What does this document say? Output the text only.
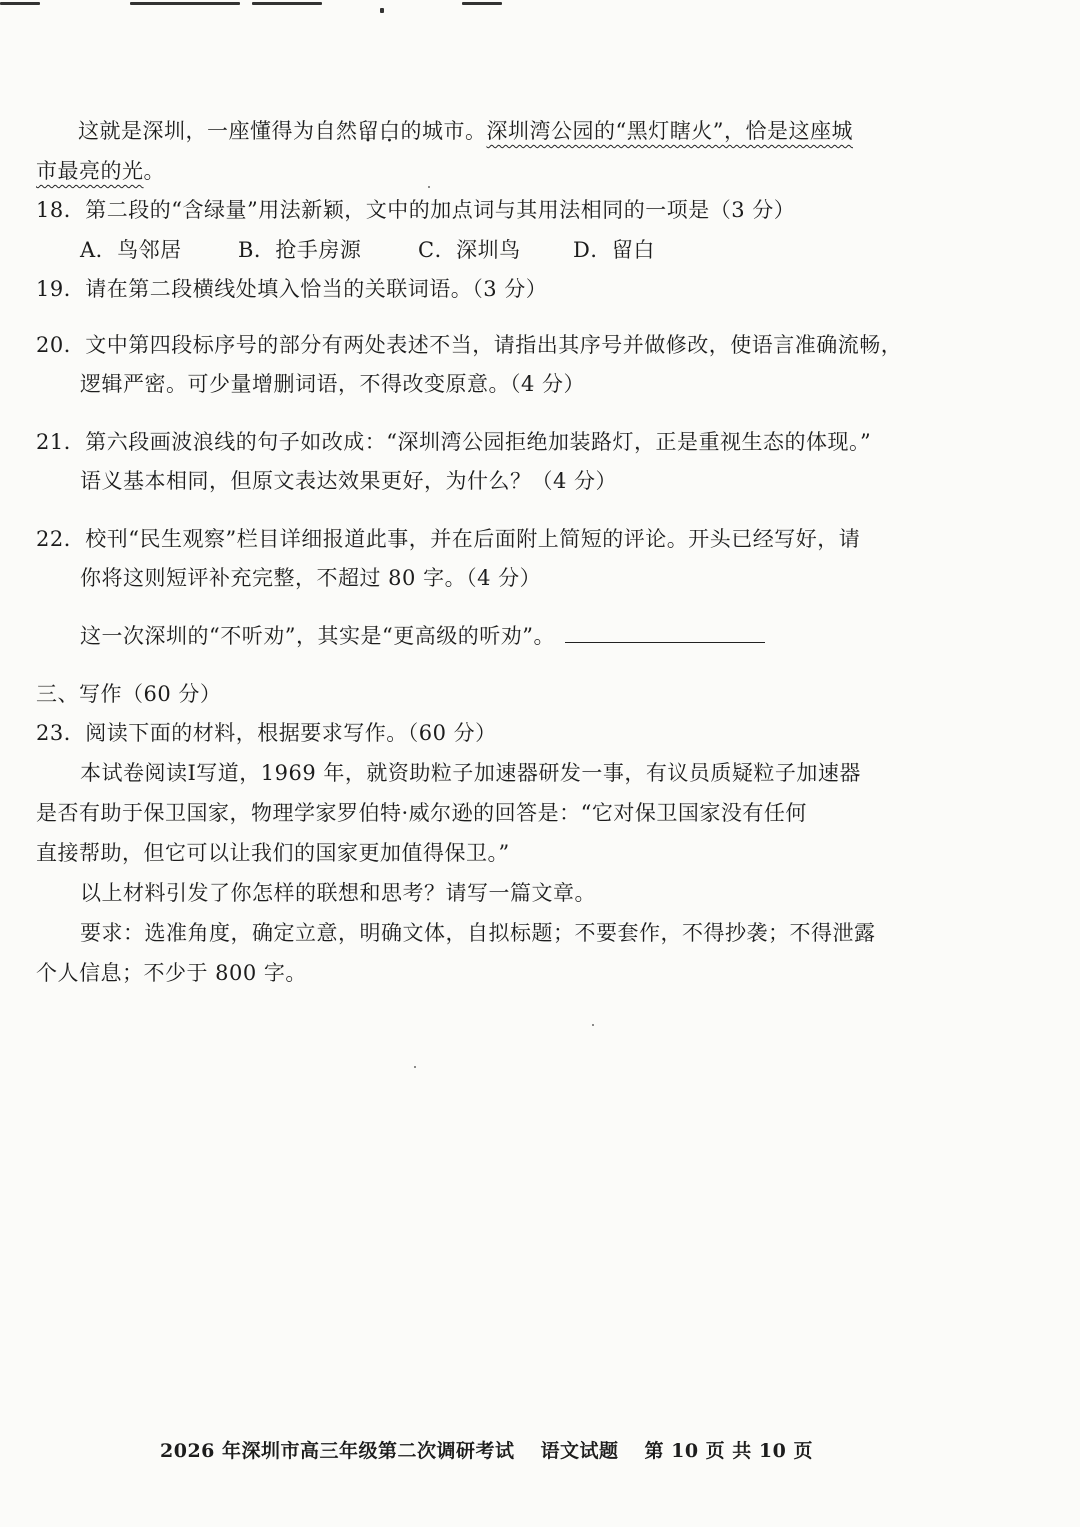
这就是深圳，一座懂得为自然留白的城市。深圳湾公园的“黑灯瞎火”，恰是这座城
市最亮的光。
18．第二段的“含绿量”用法新颖，文中的加点词与其用法相同的一项是（3 分）
A．鸟邻居	B．抢手房源	C．深圳鸟 D．留白
19．请在第二段横线处填入恰当的关联词语。（3 分）
20．文中第四段标序号的部分有两处表述不当，请指出其序号并做修改，使语言准确流畅，
逻辑严密。可少量增删词语，不得改变原意。（4 分）
21．第六段画波浪线的句子如改成：“深圳湾公园拒绝加装路灯，正是重视生态的体现。”
语义基本相同，但原文表达效果更好，为什么？（4 分）
22．校刊“民生观察”栏目详细报道此事，并在后面附上简短的评论。开头已经写好，请
你将这则短评补充完整，不超过 80 字。（4 分）
这一次深圳的“不听劝”，其实是“更高级的听劝”。
三、写作（60 分）
23．阅读下面的材料，根据要求写作。（60 分）
本试卷阅读Ⅰ写道，1969 年，就资助粒子加速器研发一事，有议员质疑粒子加速器
是否有助于保卫国家，物理学家罗伯特·威尔逊的回答是：“它对保卫国家没有任何
直接帮助，但它可以让我们的国家更加值得保卫。”
以上材料引发了你怎样的联想和思考？请写一篇文章。
要求：选准角度，确定立意，明确文体，自拟标题；不要套作，不得抄袭；不得泄露
个人信息；不少于 800 字。
2026 年深圳市高三年级第二次调研考试 语文试题 第 10 页 共 10 页
